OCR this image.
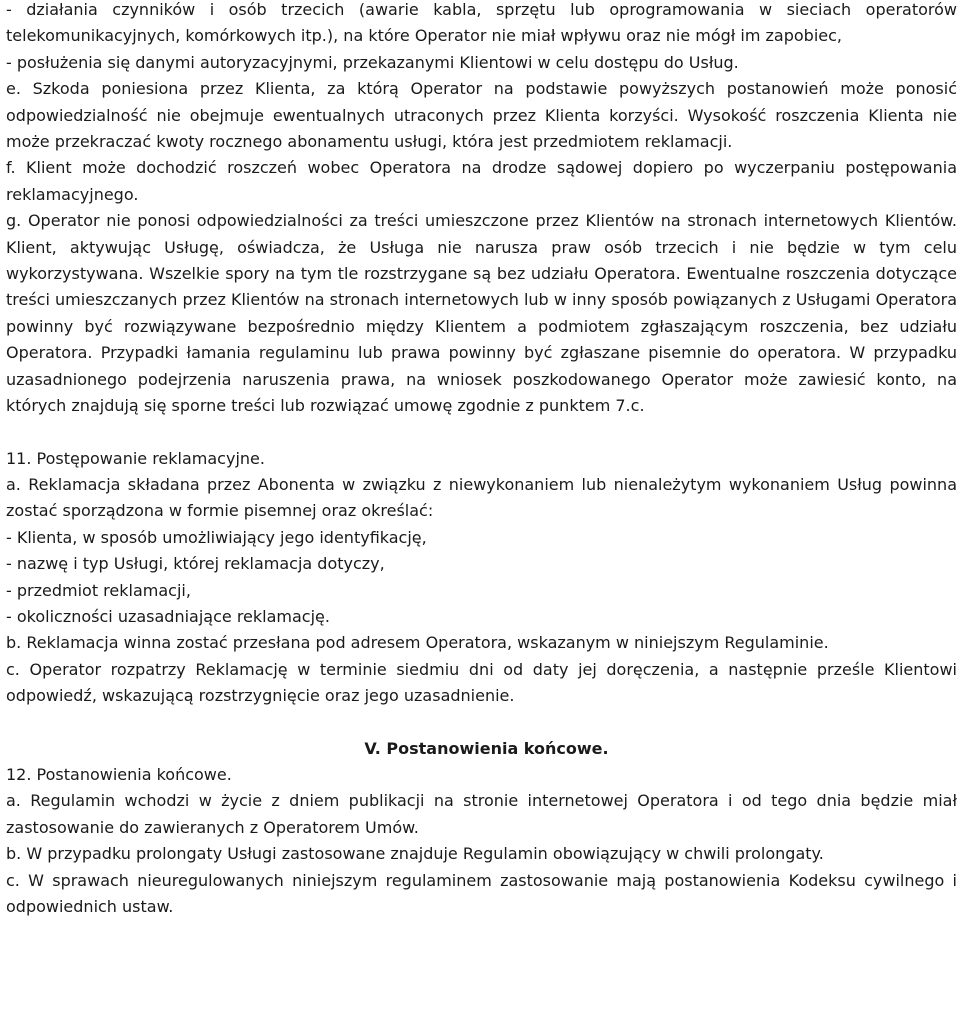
- działania czynników i osób trzecich (awarie kabla, sprzętu lub oprogramowania w sieciach operatorów telekomunikacyjnych, komórkowych itp.), na które Operator nie miał wpływu oraz nie mógł im zapobiec,

- posłużenia się danymi autoryzacyjnymi, przekazanymi Klientowi w celu dostępu do Usług.

e. Szkoda poniesiona przez Klienta, za którą Operator na podstawie powyższych postanowień może ponosić odpowiedzialność nie obejmuje ewentualnych utraconych przez Klienta korzyści. Wysokość roszczenia Klienta nie może przekraczać kwoty rocznego abonamentu usługi, która jest przedmiotem reklamacji.

f. Klient może dochodzić roszczeń wobec Operatora na drodze sądowej dopiero po wyczerpaniu postępowania reklamacyjnego.

g. Operator nie ponosi odpowiedzialności za treści umieszczone przez Klientów na stronach internetowych Klientów. Klient, aktywując Usługę, oświadcza, że Usługa nie narusza praw osób trzecich i nie będzie w tym celu wykorzystywana. Wszelkie spory na tym tle rozstrzygane są bez udziału Operatora. Ewentualne roszczenia dotyczące treści umieszczanych przez Klientów na stronach internetowych lub w inny sposób powiązanych z Usługami Operatora powinny być rozwiązywane bezpośrednio między Klientem a podmiotem zgłaszającym roszczenia, bez udziału Operatora. Przypadki łamania regulaminu lub prawa powinny być zgłaszane pisemnie do operatora. W przypadku uzasadnionego podejrzenia naruszenia prawa, na wniosek poszkodowanego Operator może zawiesić konto, na których znajdują się sporne treści lub rozwiązać umowę zgodnie z punktem 7.c.

11. Postępowanie reklamacyjne.

a. Reklamacja składana przez Abonenta w związku z niewykonaniem lub nienależytym wykonaniem Usług powinna zostać sporządzona w formie pisemnej oraz określać:

- Klienta, w sposób umożliwiający jego identyfikację,

- nazwę i typ Usługi, której reklamacja dotyczy,

- przedmiot reklamacji,

- okoliczności uzasadniające reklamację.

b. Reklamacja winna zostać przesłana pod adresem Operatora, wskazanym w niniejszym Regulaminie.

c. Operator rozpatrzy Reklamację w terminie siedmiu dni od daty jej doręczenia, a następnie prześle Klientowi odpowiedź, wskazującą rozstrzygnięcie oraz jego uzasadnienie.

V. Postanowienia końcowe.

12. Postanowienia końcowe.

a. Regulamin wchodzi w życie z dniem publikacji na stronie internetowej Operatora i od tego dnia będzie miał zastosowanie do zawieranych z Operatorem Umów.

b. W przypadku prolongaty Usługi zastosowane znajduje Regulamin obowiązujący w chwili prolongaty.

c. W sprawach nieuregulowanych niniejszym regulaminem zastosowanie mają postanowienia Kodeksu cywilnego i odpowiednich ustaw.
